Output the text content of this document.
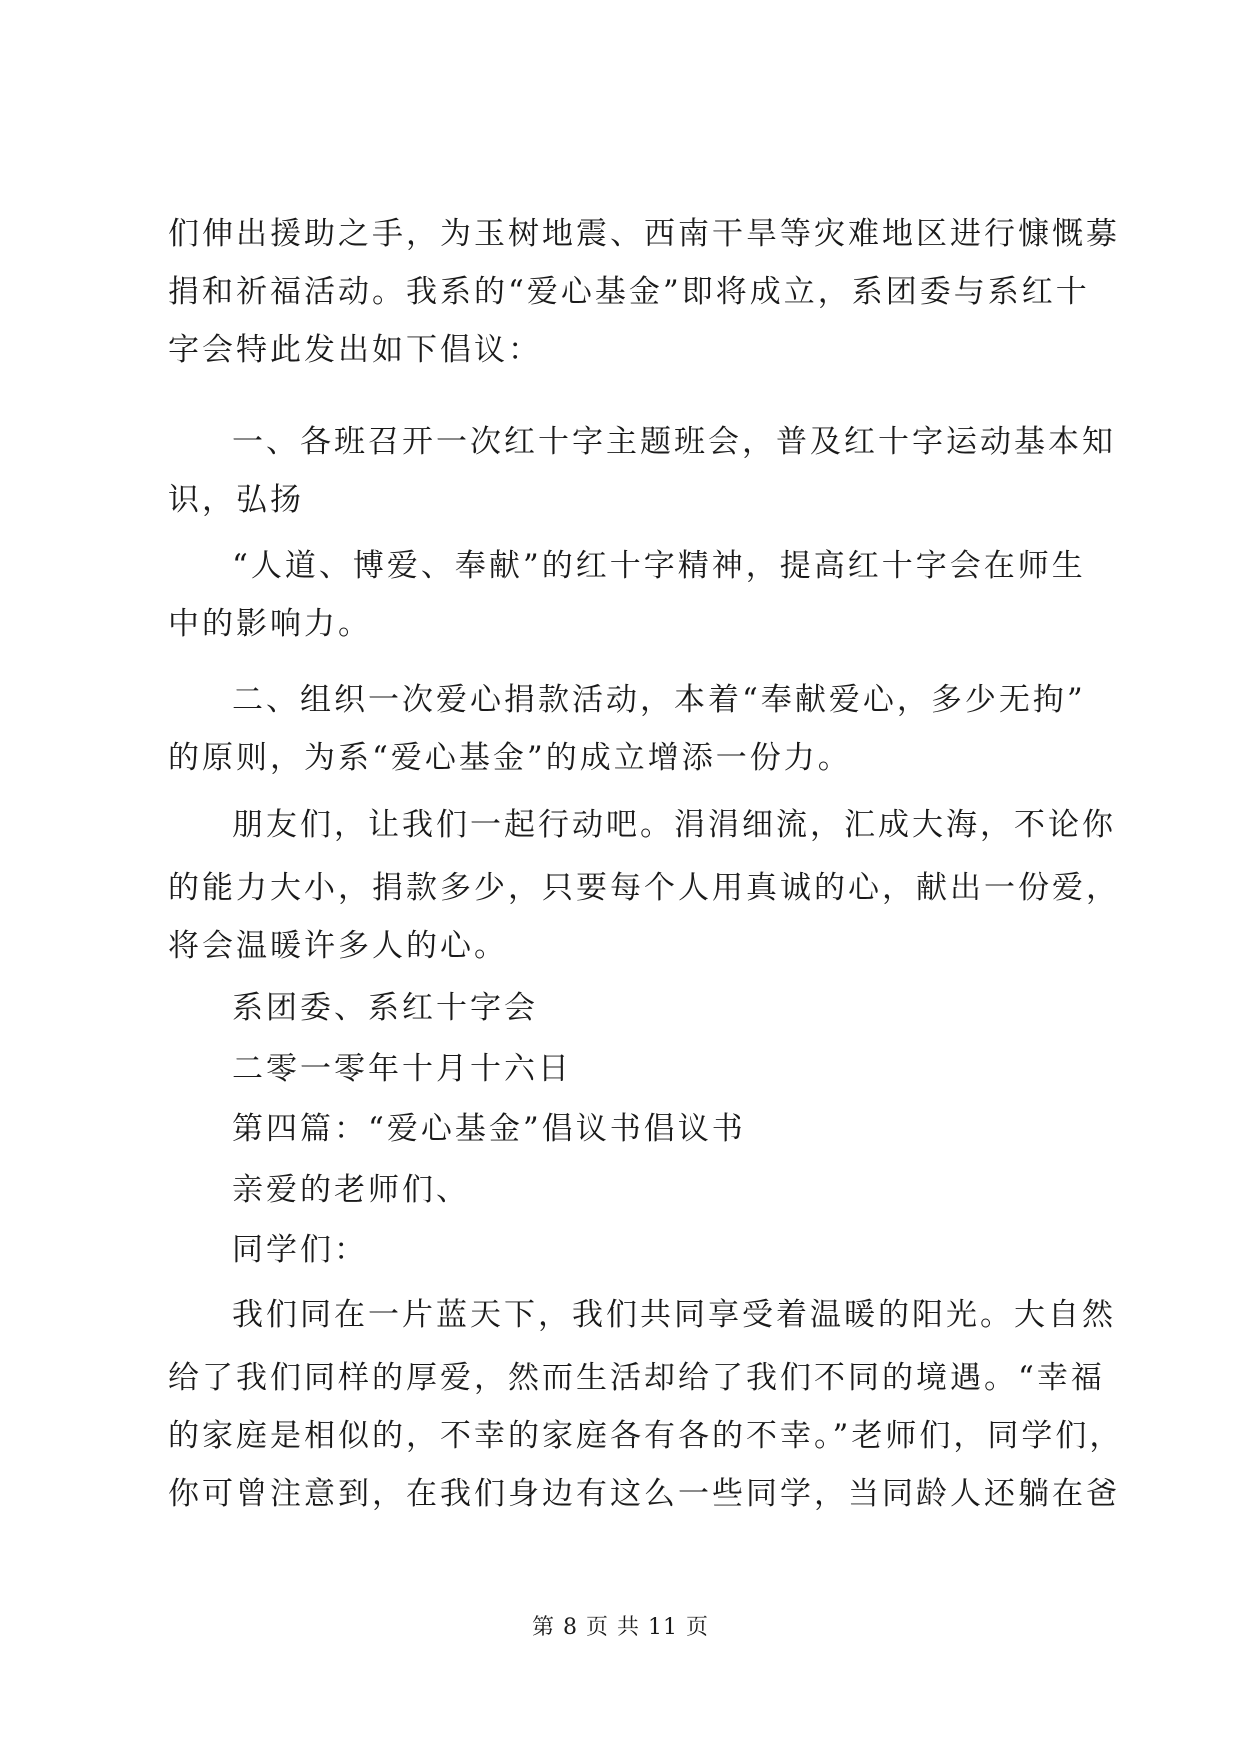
们伸出援助之手，为玉树地震、西南干旱等灾难地区进行慷慨募
捐和祈福活动。我系的“爱心基金”即将成立，系团委与系红十
字会特此发出如下倡议：
一、各班召开一次红十字主题班会，普及红十字运动基本知
识，弘扬
“人道、博爱、奉献”的红十字精神，提高红十字会在师生
中的影响力。
二、组织一次爱心捐款活动，本着“奉献爱心，多少无拘”
的原则，为系“爱心基金”的成立增添一份力。
朋友们，让我们一起行动吧。涓涓细流，汇成大海，不论你
的能力大小，捐款多少，只要每个人用真诚的心，献出一份爱，
将会温暖许多人的心。
系团委、系红十字会
二零一零年十月十六日
第四篇：“爱心基金”倡议书倡议书
亲爱的老师们、
同学们：
我们同在一片蓝天下，我们共同享受着温暖的阳光。大自然
给了我们同样的厚爱，然而生活却给了我们不同的境遇。“幸福
的家庭是相似的，不幸的家庭各有各的不幸。”老师们，同学们，
你可曾注意到，在我们身边有这么一些同学，当同龄人还躺在爸
第 8 页 共 11 页
